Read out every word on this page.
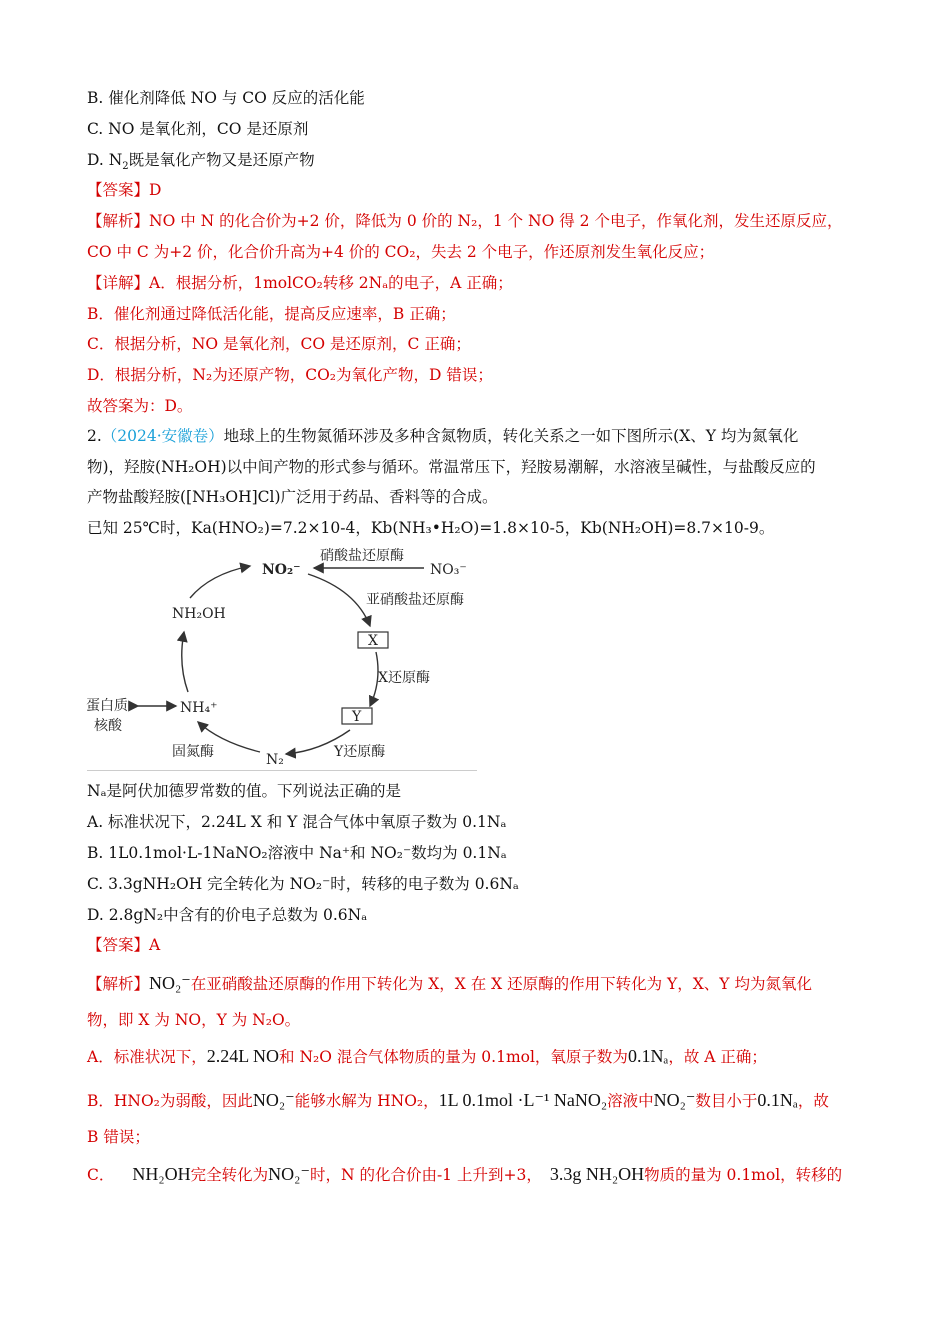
B. 催化剂降低 NO 与 CO 反应的活化能
C. NO 是氧化剂，CO 是还原剂
D. $N_2$既是氧化产物又是还原产物
【答案】D
【解析】NO 中 N 的化合价为+2 价，降低为 0 价的 N₂，1 个 NO 得 2 个电子，作氧化剂，发生还原反应，
CO 中 C 为+2 价，化合价升高为+4 价的 CO₂，失去 2 个电子，作还原剂发生氧化反应；
【详解】A．根据分析，1molCO₂转移 2Nₐ的电子，A 正确；
B．催化剂通过降低活化能，提高反应速率，B 正确；
C．根据分析，NO 是氧化剂，CO 是还原剂，C 正确；
D．根据分析，N₂为还原产物，CO₂为氧化产物，D 错误；
故答案为：D。
2.（2024·安徽卷）地球上的生物氮循环涉及多种含氮物质，转化关系之一如下图所示(X、Y 均为氮氧化
物)，羟胺(NH₂OH)以中间产物的形式参与循环。常温常压下，羟胺易潮解，水溶液呈碱性，与盐酸反应的
产物盐酸羟胺([NH₃OH]Cl)广泛用于药品、香料等的合成。
已知 25℃时，Ka(HNO₂)=7.2×10-4，Kb(NH₃•H₂O)=1.8×10-5，Kb(NH₂OH)=8.7×10-9。
NO₂⁻	NO₃⁻
硝酸盐还原酶
亚硝酸盐还原酶
X
X还原酶
Y
Y还原酶
N₂
固氮酶
NH₄⁺
NH₂OH
蛋白质
核酸
Nₐ是阿伏加德罗常数的值。下列说法正确的是
A. 标准状况下，2.24L X 和 Y 混合气体中氧原子数为 0.1Nₐ
B. 1L0.1mol·L-1NaNO₂溶液中 Na⁺和 NO₂⁻数均为 0.1Nₐ
C. 3.3gNH₂OH 完全转化为 NO₂⁻时，转移的电子数为 0.6Nₐ
D. 2.8gN₂中含有的价电子总数为 0.6Nₐ
【答案】A
【解析】NO₂⁻在亚硝酸盐还原酶的作用下转化为 X，X 在 X 还原酶的作用下转化为 Y，X、Y 均为氮氧化
物，即 X 为 NO，Y 为 N₂O。
A．标准状况下，2.24L NO和 N₂O 混合气体物质的量为 0.1mol，氧原子数为0.1Nₐ，故 A 正确；
B．HNO₂为弱酸，因此NO₂⁻能够水解为 HNO₂，1L 0.1mol ·L⁻¹ NaNO₂溶液中NO₂⁻数目小于0.1Nₐ，故
B 错误；
C． NH₂OH完全转化为NO₂⁻时，N 的化合价由-1 上升到+3， 3.3g NH₂OH物质的量为 0.1mol，转移的
